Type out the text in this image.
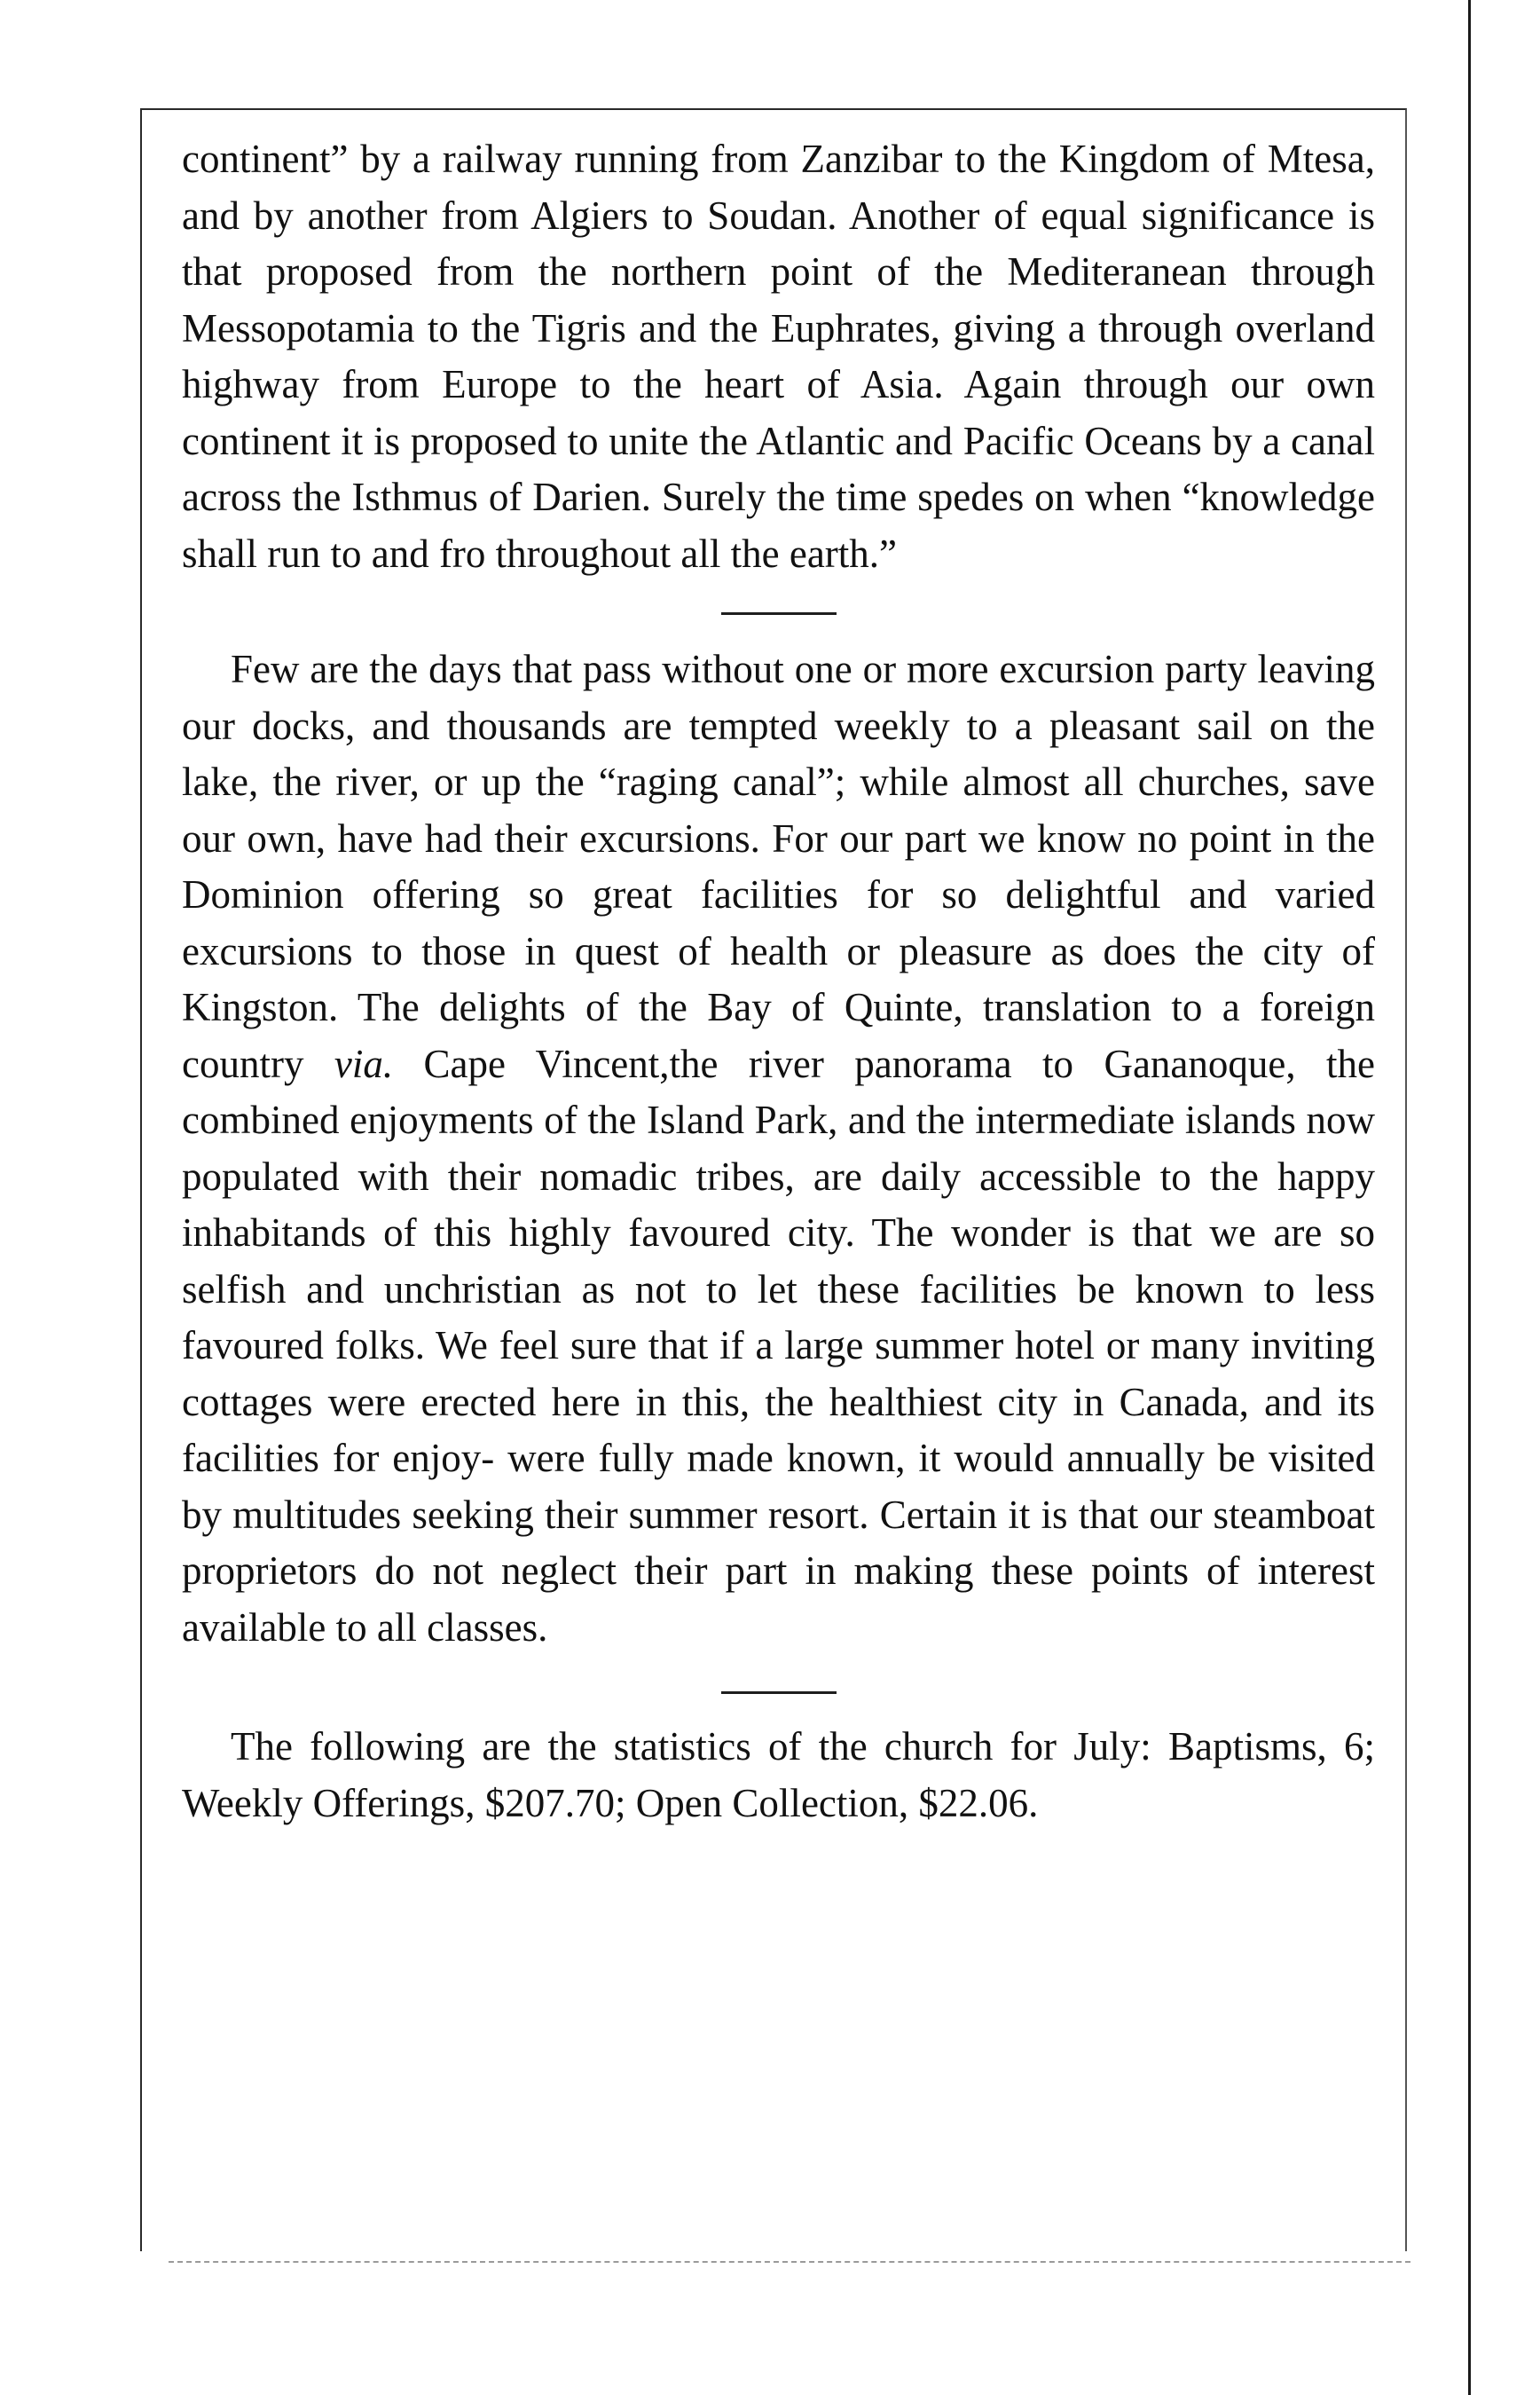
continent” by a railway running from Zanzibar to the Kingdom of Mtesa, and by another from Algiers to Soudan. Another of equal significance is that proposed from the northern point of the Mediteranean through Messopotamia to the Tigris and the Euphrates, giving a through overland highway from Europe to the heart of Asia. Again through our own continent it is proposed to unite the Atlantic and Pacific Oceans by a canal across the Isthmus of Darien. Surely the time spedes on when “knowledge shall run to and fro throughout all the earth.”

Few are the days that pass without one or more excursion party leaving our docks, and thousands are tempted weekly to a pleasant sail on the lake, the river, or up the “raging canal”; while almost all churches, save our own, have had their excursions. For our part we know no point in the Dominion offering so great facilities for so delightful and varied excursions to those in quest of health or pleasure as does the city of Kingston. The delights of the Bay of Quinte, translation to a foreign country via. Cape Vincent,the river panorama to Gananoque, the combined enjoyments of the Island Park, and the intermediate islands now populated with their nomadic tribes, are daily accessible to the happy inhabitands of this highly favoured city. The wonder is that we are so selfish and unchristian as not to let these facilities be known to less favoured folks. We feel sure that if a large summer hotel or many inviting cottages were erected here in this, the healthiest city in Canada, and its facilities for enjoy- were fully made known, it would annually be visited by multitudes seeking their summer resort. Certain it is that our steamboat proprietors do not neglect their part in making these points of interest available to all classes.

The following are the statistics of the church for July: Baptisms, 6; Weekly Offerings, $207.70; Open Collection, $22.06.
